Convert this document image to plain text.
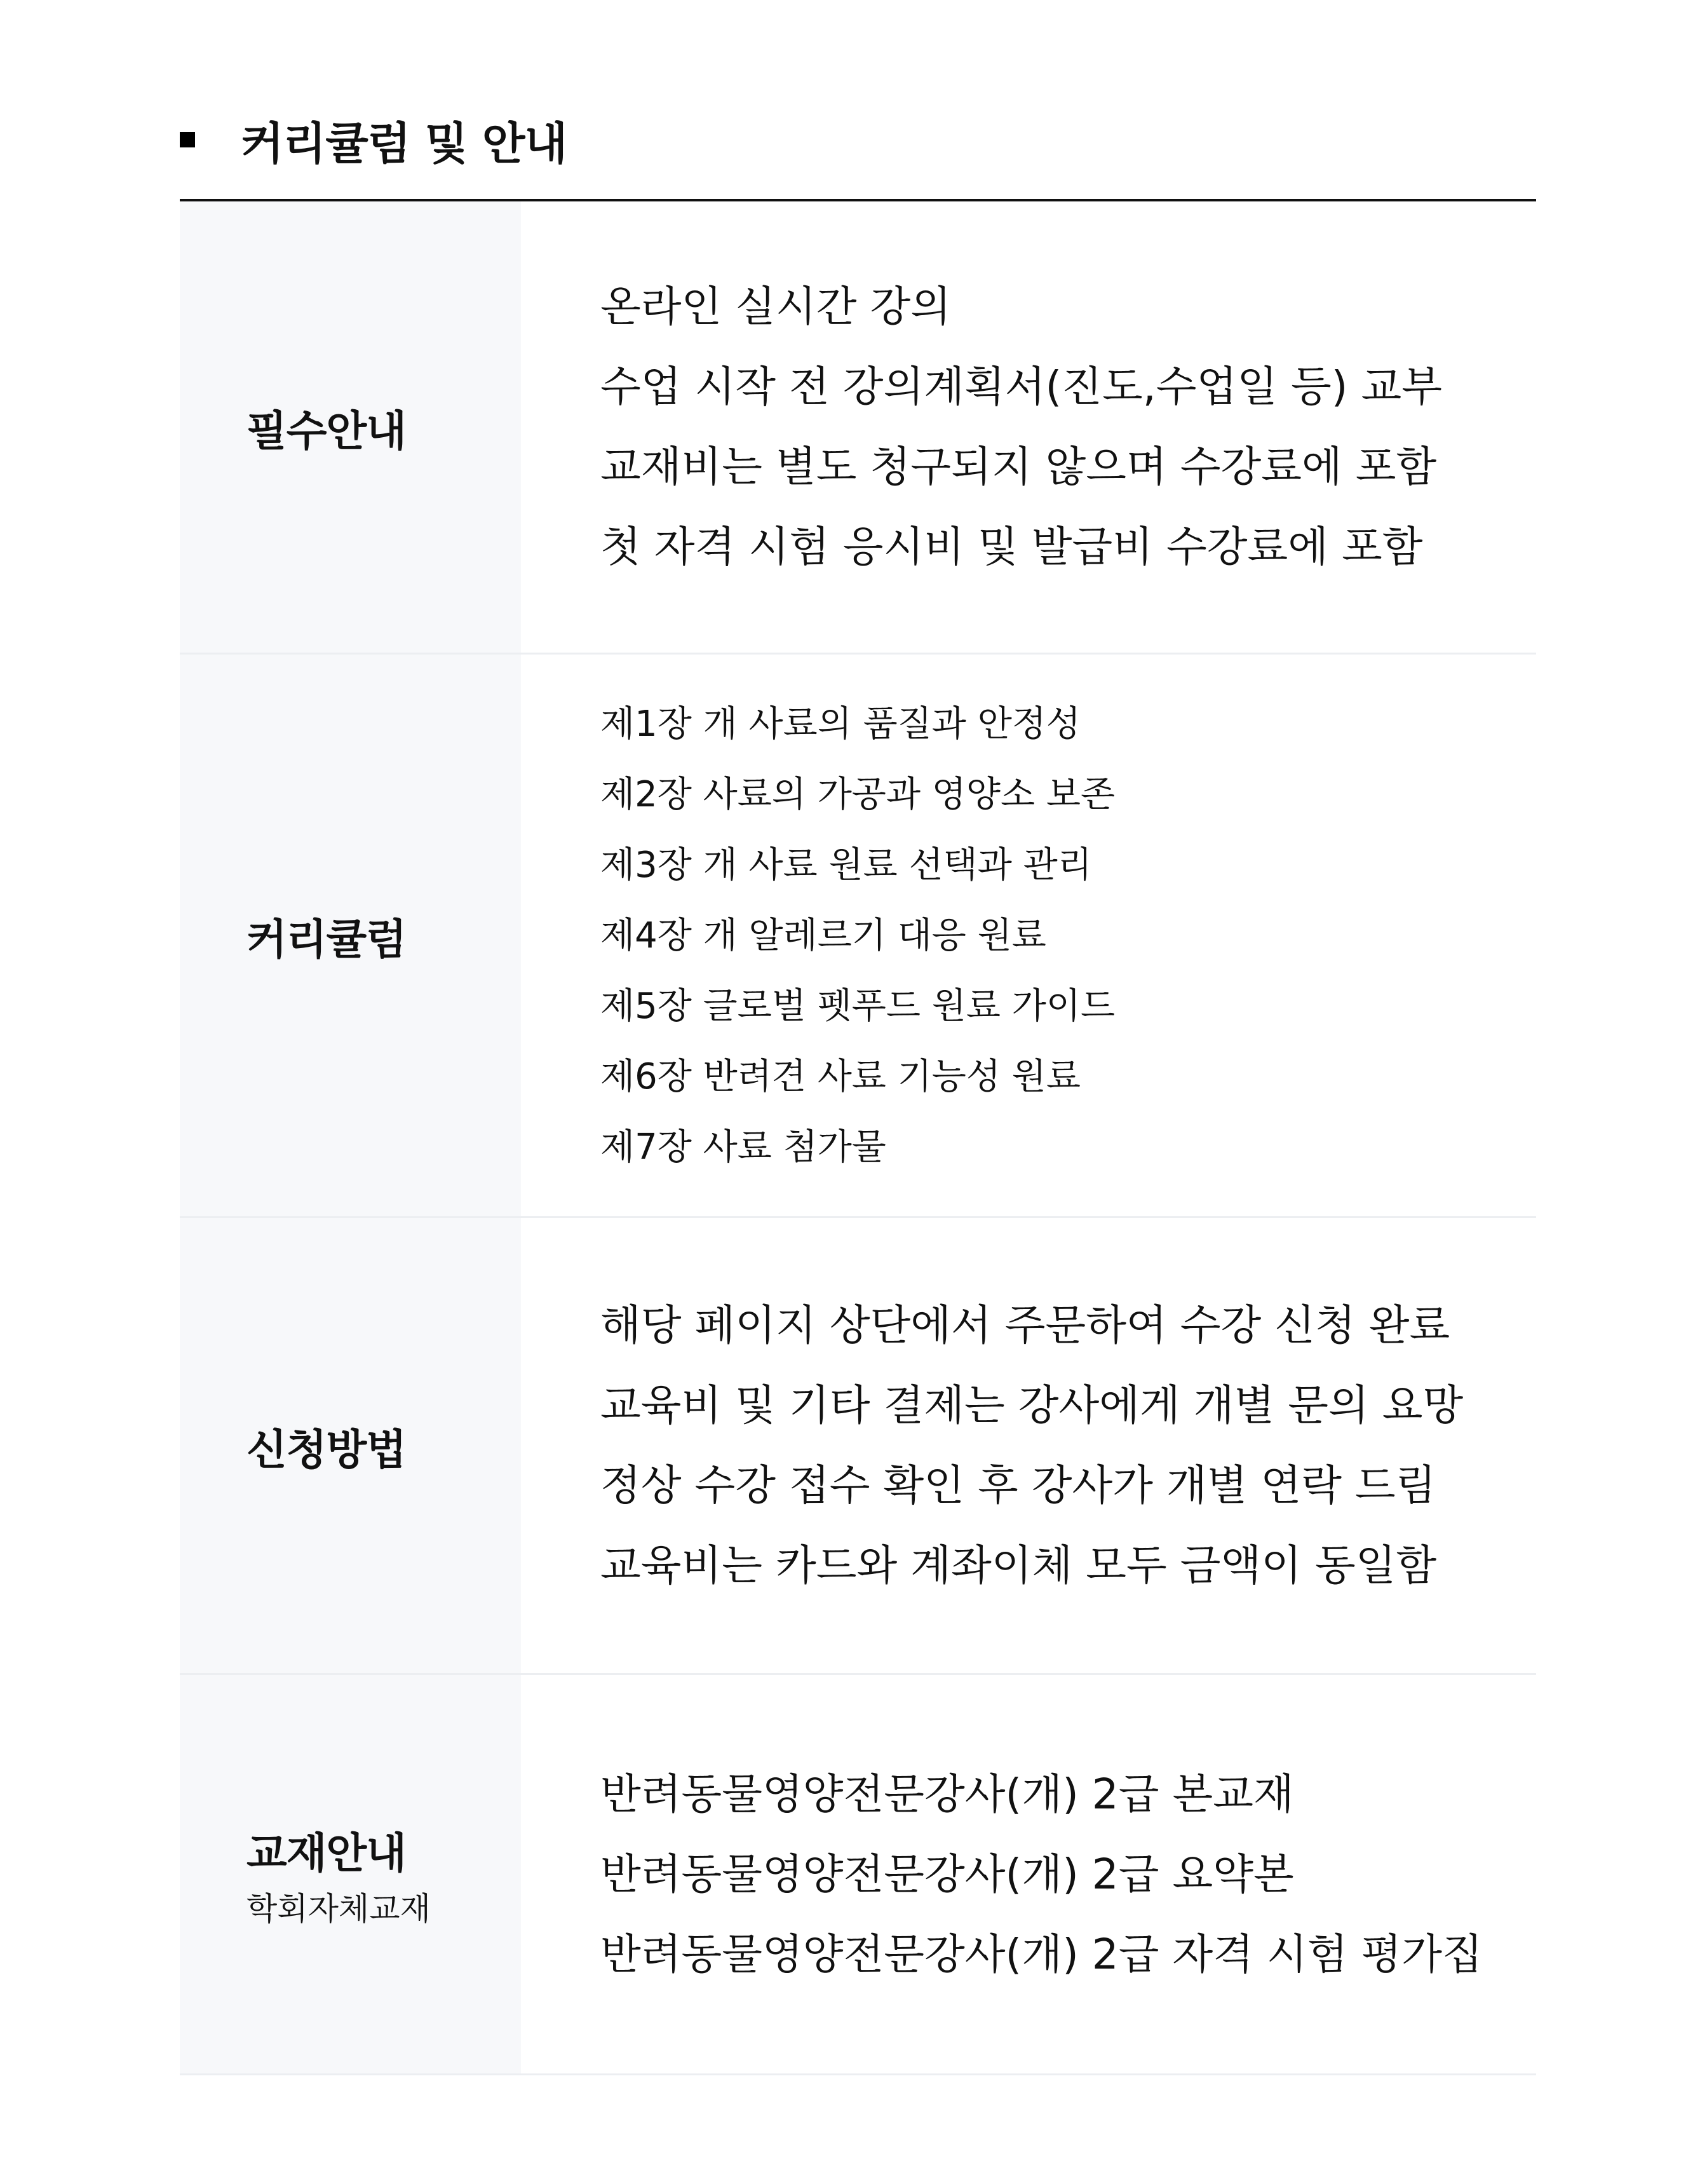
커리큘럼 및 안내
필수안내
온라인 실시간 강의
수업 시작 전 강의계획서(진도,수업일 등) 교부
교재비는 별도 청구되지 않으며 수강료에 포함
첫 자격 시험 응시비 및 발급비 수강료에 포함
커리큘럼
제1장 개 사료의 품질과 안정성
제2장 사료의 가공과 영양소 보존
제3장 개 사료 원료 선택과 관리
제4장 개 알레르기 대응 원료
제5장 글로벌 펫푸드 원료 가이드
제6장 반려견 사료 기능성 원료
제7장 사료 첨가물
신청방법
해당 페이지 상단에서 주문하여 수강 신청 완료
교육비 및 기타 결제는 강사에게 개별 문의 요망
정상 수강 접수 확인 후 강사가 개별 연락 드림
교육비는 카드와 계좌이체 모두 금액이 동일함
교재안내
학회자체교재
반려동물영양전문강사(개) 2급 본교재
반려동물영양전문강사(개) 2급 요약본
반려동물영양전문강사(개) 2급 자격 시험 평가집
